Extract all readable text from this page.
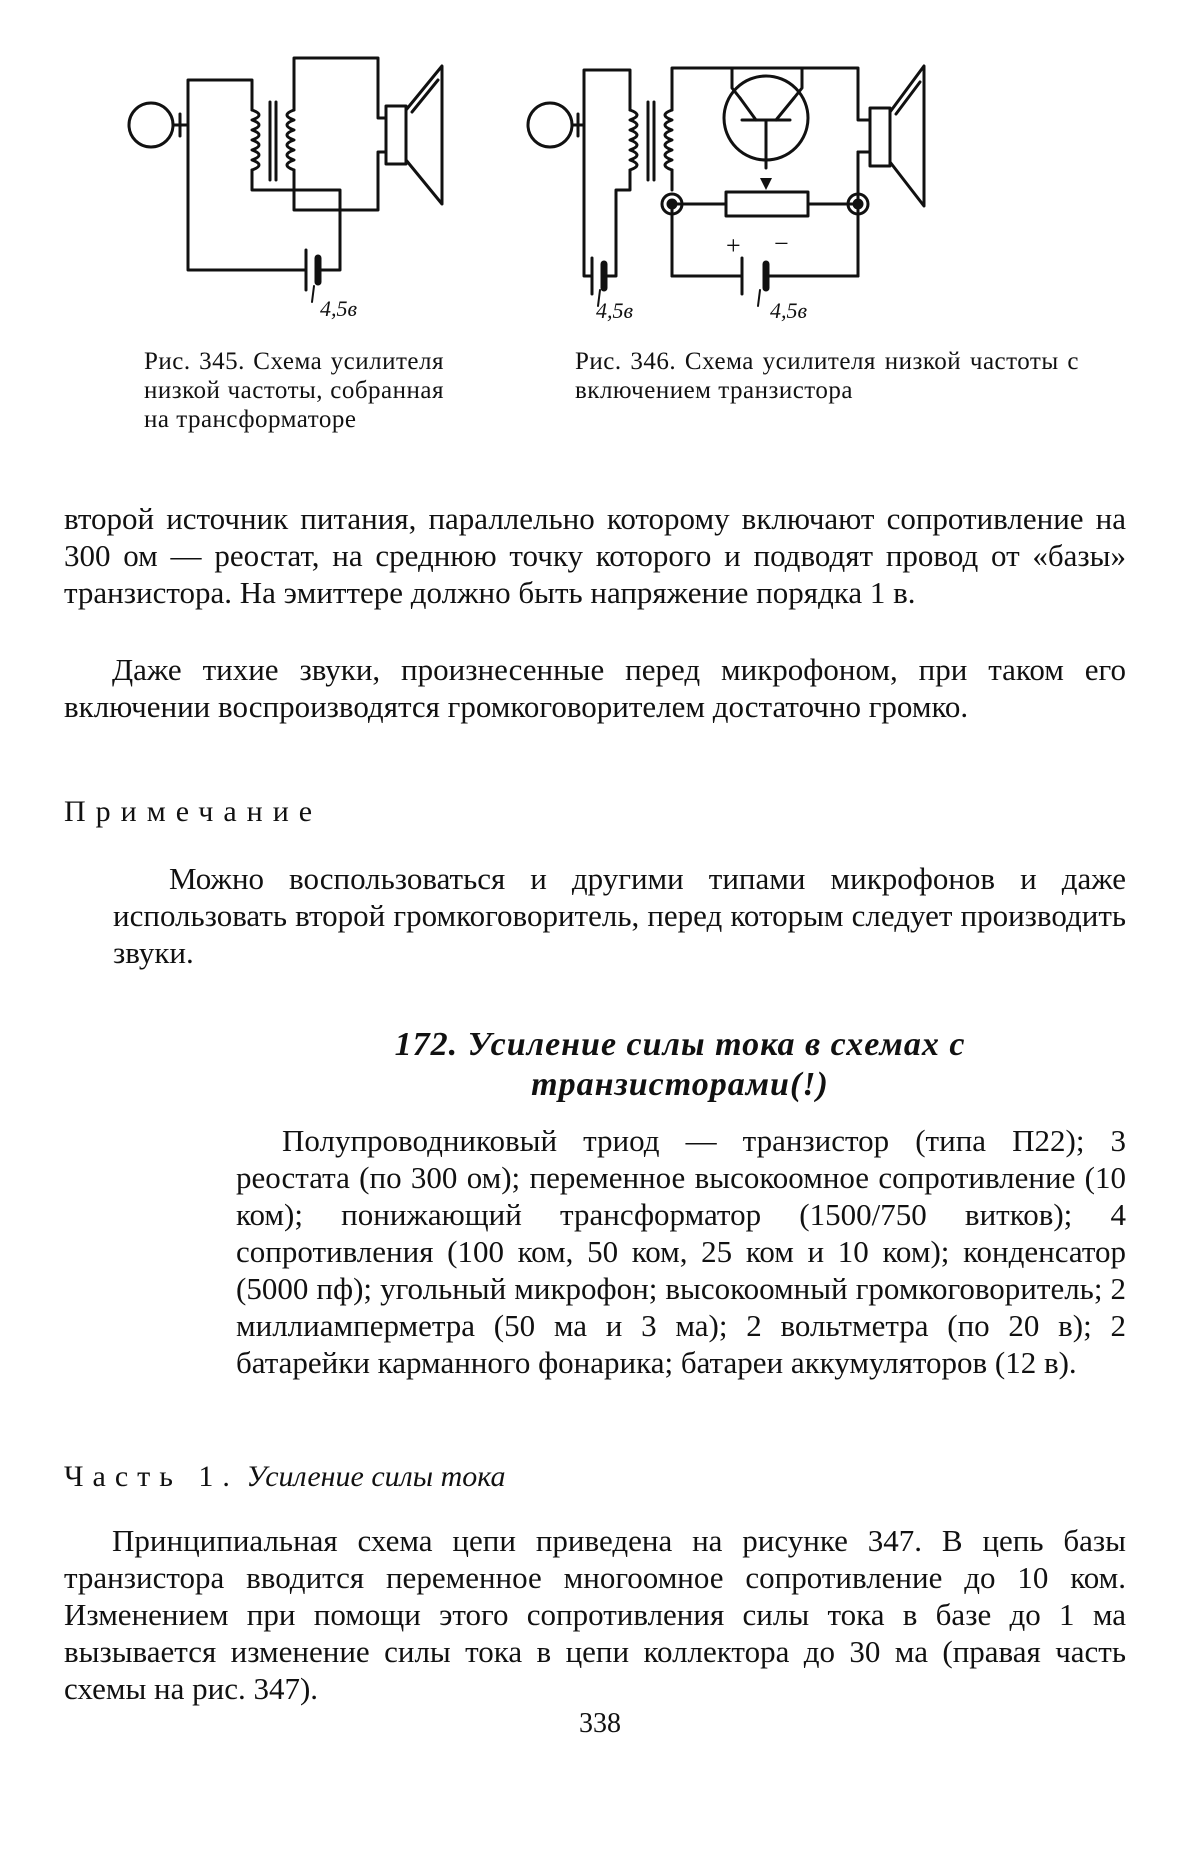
4,5в
Рис. 345. Схема усилителя низкой частоты, собранная на трансформаторе
4,5в
+ −
4,5в
Рис. 346. Схема усилителя низкой частоты с включением транзистора

второй источник питания, параллельно которому включают сопротивление на 300 ом — реостат, на среднюю точку которого и подводят провод от «базы» транзистора. На эмиттере должно быть напряжение порядка 1 в.

Даже тихие звуки, произнесенные перед микрофоном, при таком его включении воспроизводятся громкоговорителем достаточно громко.

Примечание

Можно воспользоваться и другими типами микрофонов и даже использовать второй громкоговоритель, перед которым следует производить звуки.

172. Усиление силы тока в схемах с транзисторами(!)

Полупроводниковый триод — транзистор (типа П22); 3 реостата (по 300 ом); переменное высокоомное сопротивление (10 ком); понижающий трансформатор (1500/750 витков); 4 сопротивления (100 ком, 50 ком, 25 ком и 10 ком); конденсатор (5000 пф); угольный микрофон; высокоомный громкоговоритель; 2 миллиамперметра (50 ма и 3 ма); 2 вольтметра (по 20 в); 2 батарейки карманного фонарика; батареи аккумуляторов (12 в).

Часть 1. Усиление силы тока

Принципиальная схема цепи приведена на рисунке 347. В цепь базы транзистора вводится переменное многоомное сопротивление до 10 ком. Изменением при помощи этого сопротивления силы тока в базе до 1 ма вызывается изменение силы тока в цепи коллектора до 30 ма (правая часть схемы на рис. 347).

338
